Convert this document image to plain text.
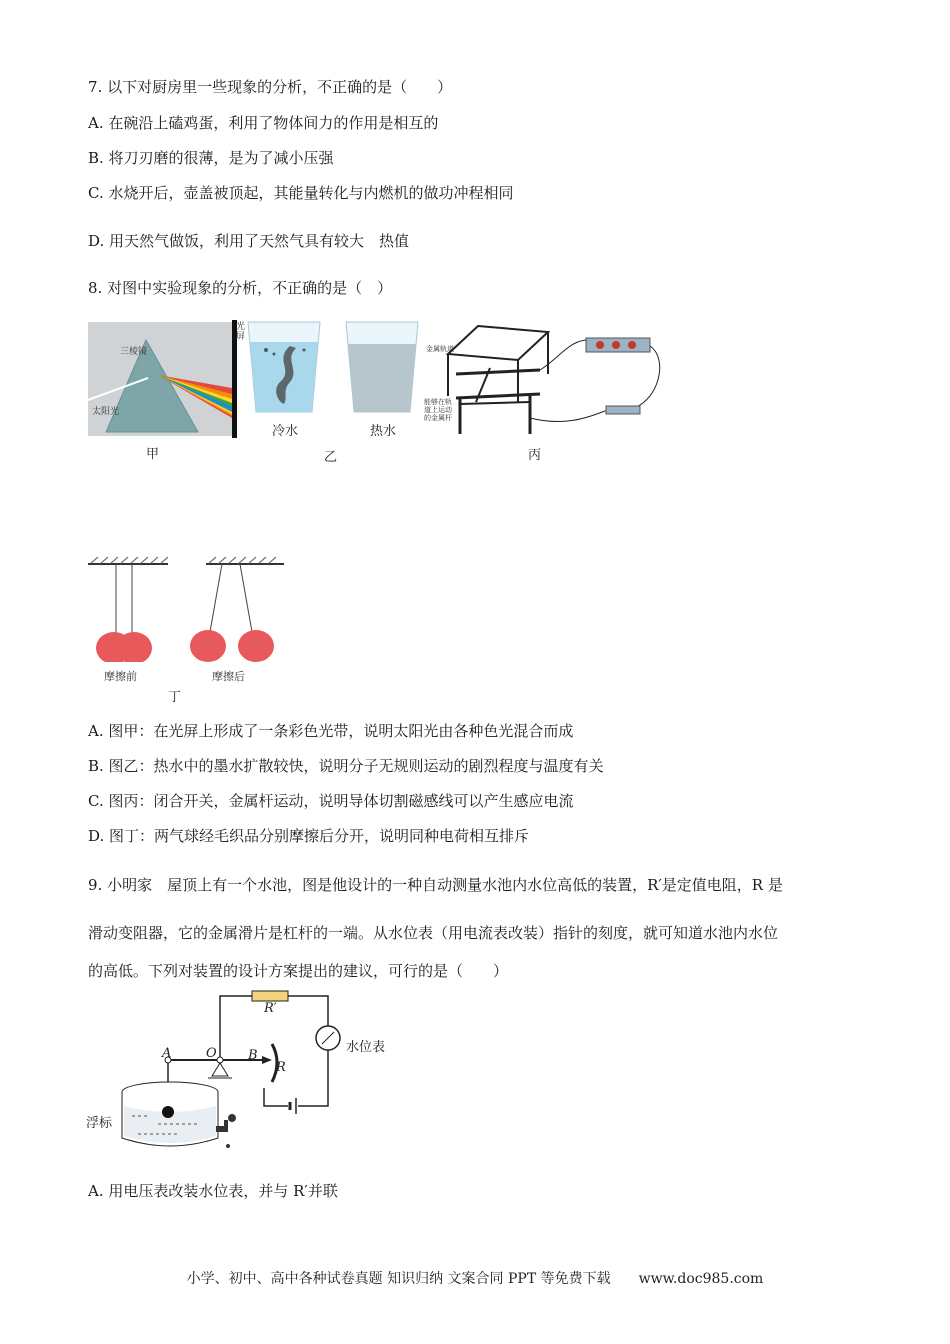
7. 以下对厨房里一些现象的分析，不正确的是（　　）
A. 在碗沿上磕鸡蛋，利用了物体间力的作用是相互的
B. 将刀刃磨的很薄，是为了减小压强
C. 水烧开后，壶盖被顶起，其能量转化与内燃机的做功冲程相同
D. 用天然气做饭，利用了天然气具有较大　热值
8. 对图中实验现象的分析，不正确的是（　）
三棱镜
太阳光
光屏
甲
冷水	热水
乙
金属轨道
能够在轨道上运动的金属杆
丙
摩擦前	摩擦后
丁
A. 图甲：在光屏上形成了一条彩色光带，说明太阳光由各种色光混合而成
B. 图乙：热水中的墨水扩散较快，说明分子无规则运动的剧烈程度与温度有关
C. 图丙：闭合开关，金属杆运动，说明导体切割磁感线可以产生感应电流
D. 图丁：两气球经毛织品分别摩擦后分开，说明同种电荷相互排斥
9. 小明家　屋顶上有一个水池，图是他设计的一种自动测量水池内水位高低的装置，R′是定值电阻，R 是
滑动变阻器，它的金属滑片是杠杆的一端。从水位表（用电流表改装）指针的刻度，就可知道水池内水位
的高低。下列对装置的设计方案提出的建议，可行的是（　　）
R′
水位表
A	O B
R
浮标
A. 用电压表改装水位表，并与 R′并联
小学、初中、高中各种试卷真题 知识归纳 文案合同 PPT 等免费下载　　www.doc985.com
